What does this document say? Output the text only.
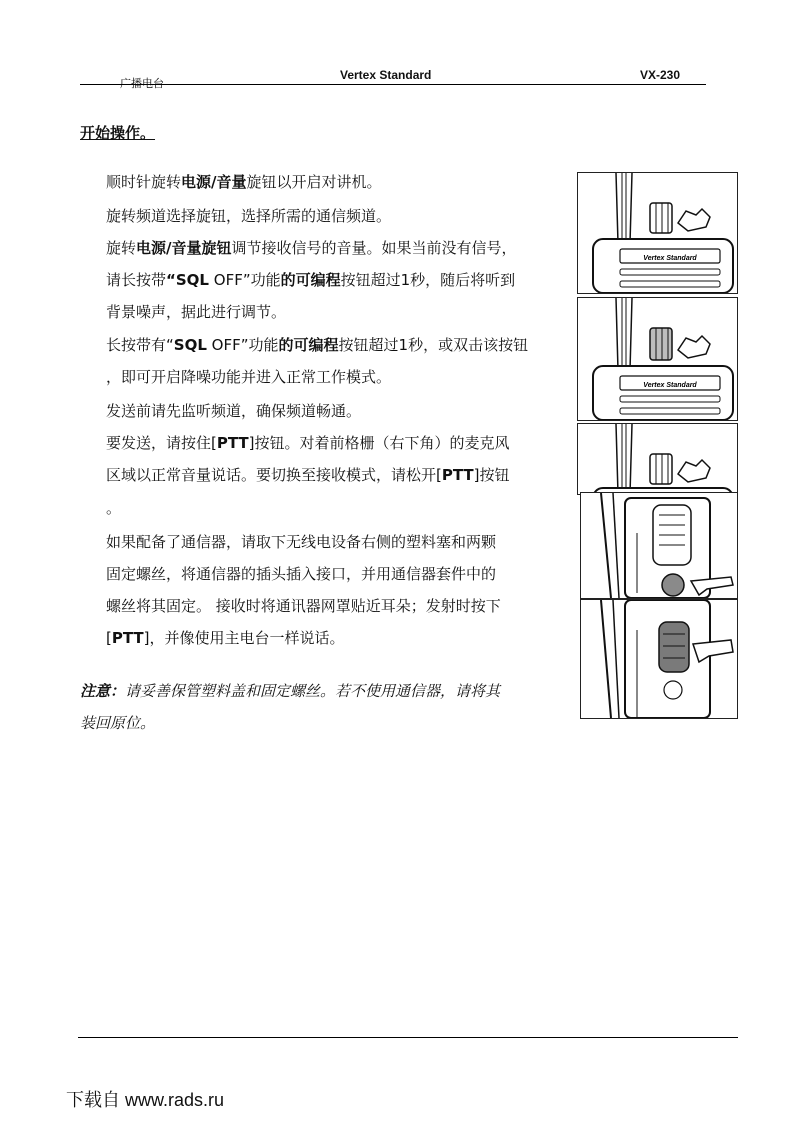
广播电台
Vertex Standard	VX-230
开始操作。
顺时针旋转电源/音量旋钮以开启对讲机。
旋转频道选择旋钮，选择所需的通信频道。
旋转电源/音量旋钮调节接收信号的音量。如果当前没有信号，
请长按带“SQL OFF”功能的可编程按钮超过1秒，随后将听到
背景噪声，据此进行调节。
长按带有“SQL OFF”功能的可编程按钮超过1秒，或双击该按钮
，即可开启降噪功能并进入正常工作模式。
发送前请先监听频道，确保频道畅通。
要发送，请按住[PTT]按钮。对着前格栅（右下角）的麦克风
区域以正常音量说话。要切换至接收模式，请松开[PTT]按钮
。
如果配备了通信器，请取下无线电设备右侧的塑料塞和两颗
固定螺丝，将通信器的插头插入接口，并用通信器套件中的
螺丝将其固定。 接收时将通讯器网罩贴近耳朵；发射时按下
[PTT]，并像使用主电台一样说话。
注意：请妥善保管塑料盖和固定螺丝。若不使用通信器，请将其
装回原位。
Vertex Standard
Vertex Standard
下载自 www.rads.ru
